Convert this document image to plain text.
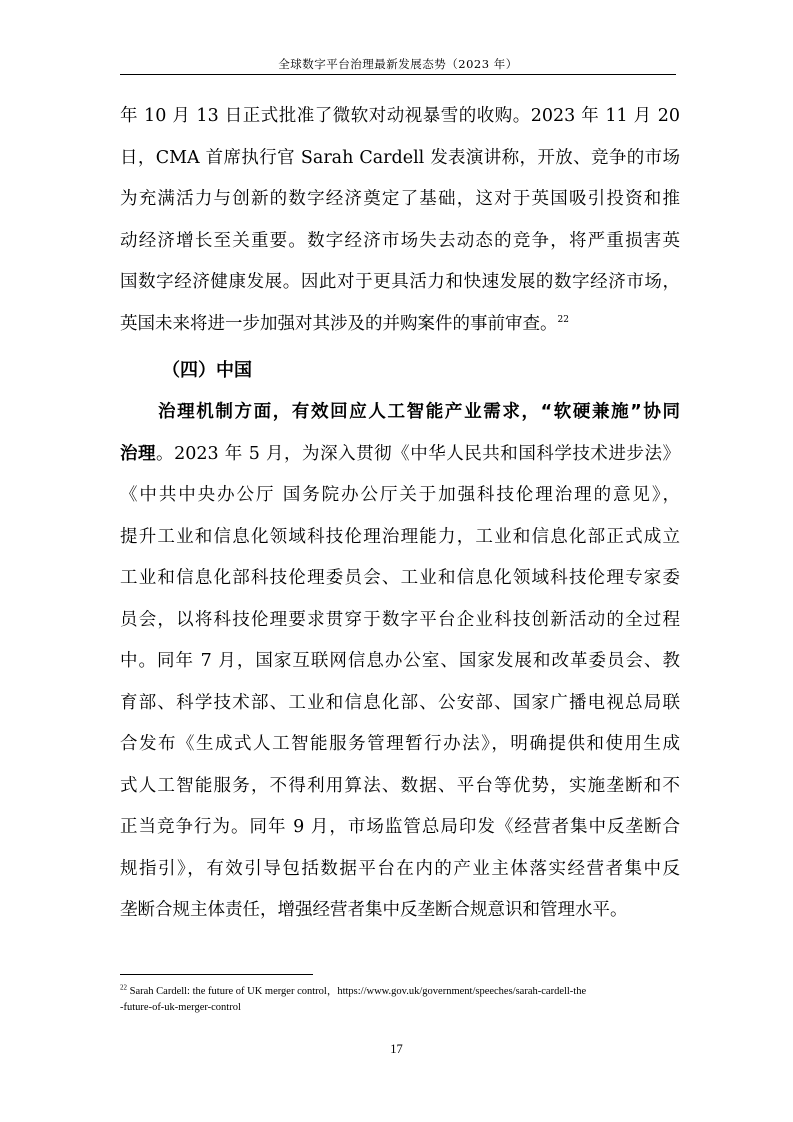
全球数字平台治理最新发展态势（2023 年）
年 10 月 13 日正式批准了微软对动视暴雪的收购。2023 年 11 月 20
日，CMA 首席执行官 Sarah Cardell 发表演讲称，开放、竞争的市场
为充满活力与创新的数字经济奠定了基础，这对于英国吸引投资和推
动经济增长至关重要。数字经济市场失去动态的竞争，将严重损害英
国数字经济健康发展。因此对于更具活力和快速发展的数字经济市场，
英国未来将进一步加强对其涉及的并购案件的事前审查。$^{22}$
（四）中国
治理机制方面，有效回应人工智能产业需求，“软硬兼施”协同
治理。2023 年 5 月，为深入贯彻《中华人民共和国科学技术进步法》
《中共中央办公厅 国务院办公厅关于加强科技伦理治理的意见》，
提升工业和信息化领域科技伦理治理能力，工业和信息化部正式成立
工业和信息化部科技伦理委员会、工业和信息化领域科技伦理专家委
员会，以将科技伦理要求贯穿于数字平台企业科技创新活动的全过程
中。同年 7 月，国家互联网信息办公室、国家发展和改革委员会、教
育部、科学技术部、工业和信息化部、公安部、国家广播电视总局联
合发布《生成式人工智能服务管理暂行办法》，明确提供和使用生成
式人工智能服务，不得利用算法、数据、平台等优势，实施垄断和不
正当竞争行为。同年 9 月，市场监管总局印发《经营者集中反垄断合
规指引》，有效引导包括数据平台在内的产业主体落实经营者集中反
垄断合规主体责任，增强经营者集中反垄断合规意识和管理水平。
$^{22}$ Sarah Cardell: the future of UK merger control，https://www.gov.uk/government/speeches/sarah-cardell-the
-future-of-uk-merger-control
17
